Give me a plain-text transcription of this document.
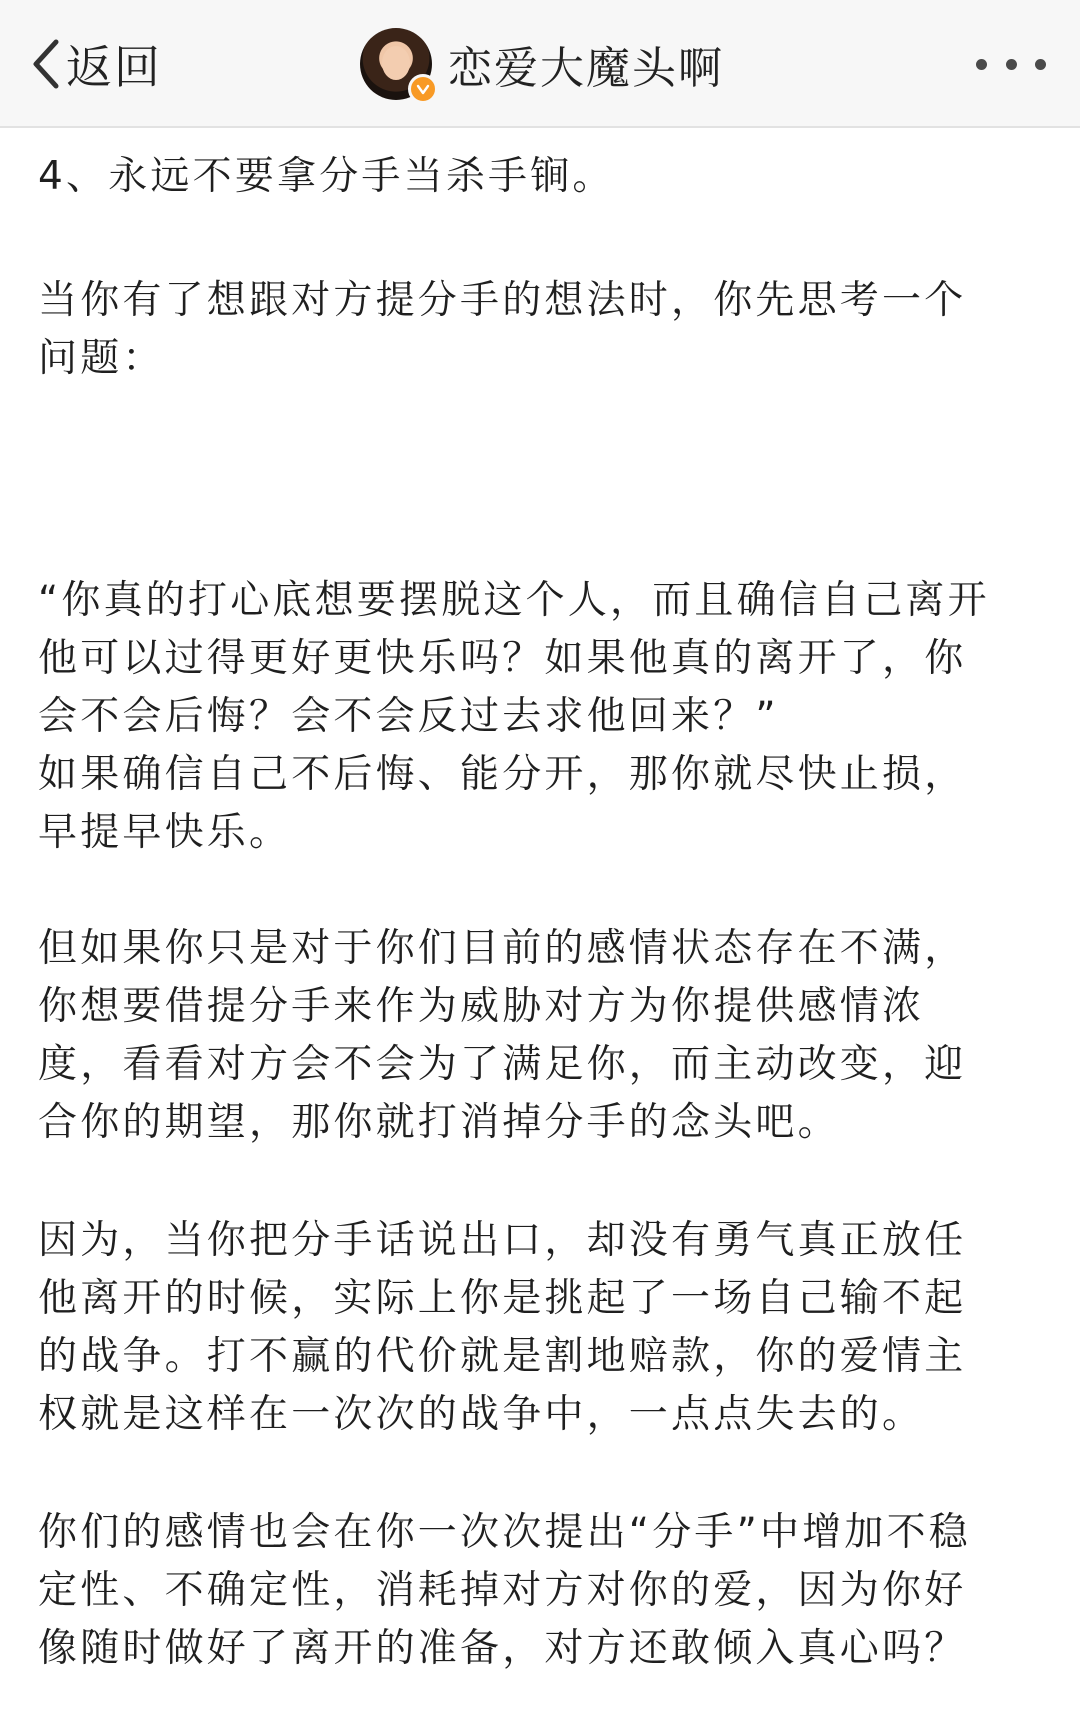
返回	恋爱大魔头啊

4、永远不要拿分手当杀手锏。

当你有了想跟对方提分手的想法时，你先思考一个
问题：

“你真的打心底想要摆脱这个人，而且确信自己离开
他可以过得更好更快乐吗？如果他真的离开了，你
会不会后悔？会不会反过去求他回来？”
如果确信自己不后悔、能分开，那你就尽快止损，
早提早快乐。

但如果你只是对于你们目前的感情状态存在不满，
你想要借提分手来作为威胁对方为你提供感情浓
度，看看对方会不会为了满足你，而主动改变，迎
合你的期望，那你就打消掉分手的念头吧。

因为，当你把分手话说出口，却没有勇气真正放任
他离开的时候，实际上你是挑起了一场自己输不起
的战争。打不赢的代价就是割地赔款，你的爱情主
权就是这样在一次次的战争中，一点点失去的。

你们的感情也会在你一次次提出“分手”中增加不稳
定性、不确定性，消耗掉对方对你的爱，因为你好
像随时做好了离开的准备，对方还敢倾入真心吗？
